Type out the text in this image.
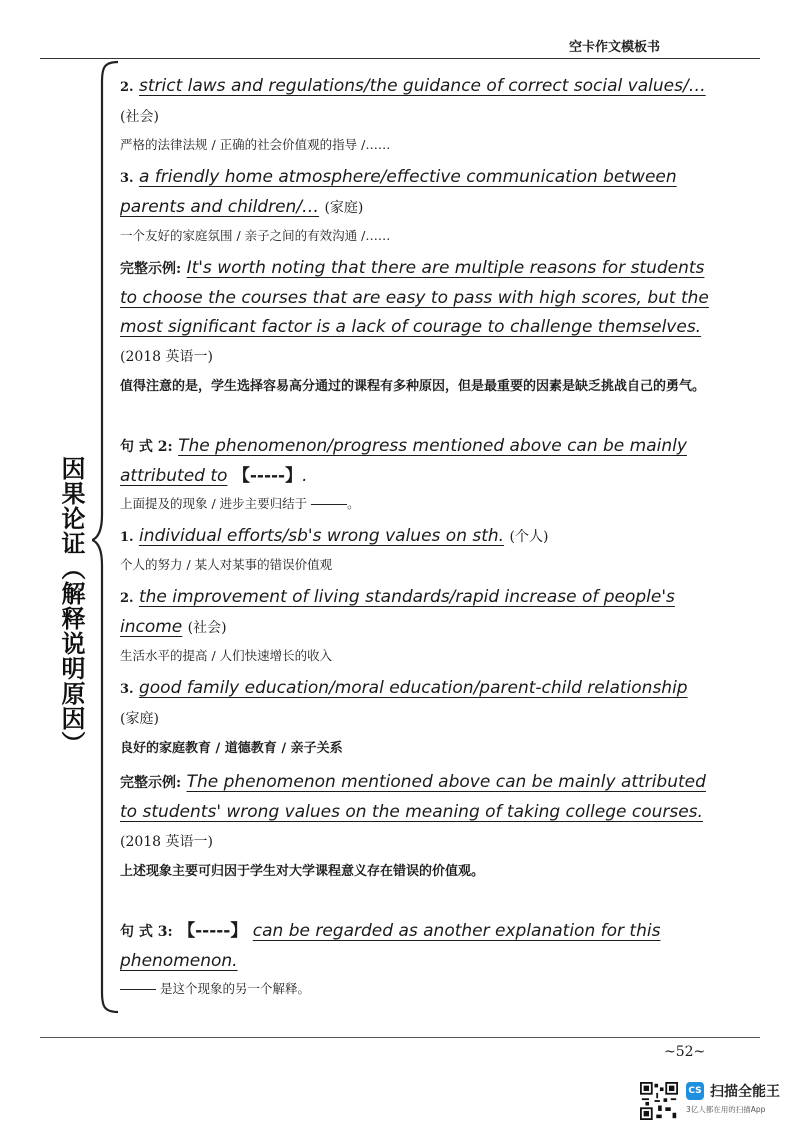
空卡作文模板书
因果论证（解释说明原因）
2. strict laws and regulations/the guidance of correct social values/… (社会)
严格的法律法规 / 正确的社会价值观的指导 /……
3. a friendly home atmosphere/effective communication between parents and children/… (家庭)
一个友好的家庭氛围 / 亲子之间的有效沟通 /……
完整示例: It's worth noting that there are multiple reasons for students to choose the courses that are easy to pass with high scores, but the most significant factor is a lack of courage to challenge themselves. (2018 英语一)
值得注意的是，学生选择容易高分通过的课程有多种原因，但是最重要的因素是缺乏挑战自己的勇气。
句 式 2: The phenomenon/progress mentioned above can be mainly attributed to 【-----】.
上面提及的现象 / 进步主要归结于	。
1. individual efforts/sb's wrong values on sth. (个人)
个人的努力 / 某人对某事的错误价值观
2. the improvement of living standards/rapid increase of people's income (社会)
生活水平的提高 / 人们快速增长的收入
3. good family education/moral education/parent-child relationship (家庭)
良好的家庭教育 / 道德教育 / 亲子关系
完整示例: The phenomenon mentioned above can be mainly attributed to students' wrong values on the meaning of taking college courses. (2018 英语一)
上述现象主要可归因于学生对大学课程意义存在错误的价值观。
句 式 3: 【-----】 can be regarded as another explanation for this phenomenon.
是这个现象的另一个解释。
~52~
CS 扫描全能王
3亿人都在用的扫描App
